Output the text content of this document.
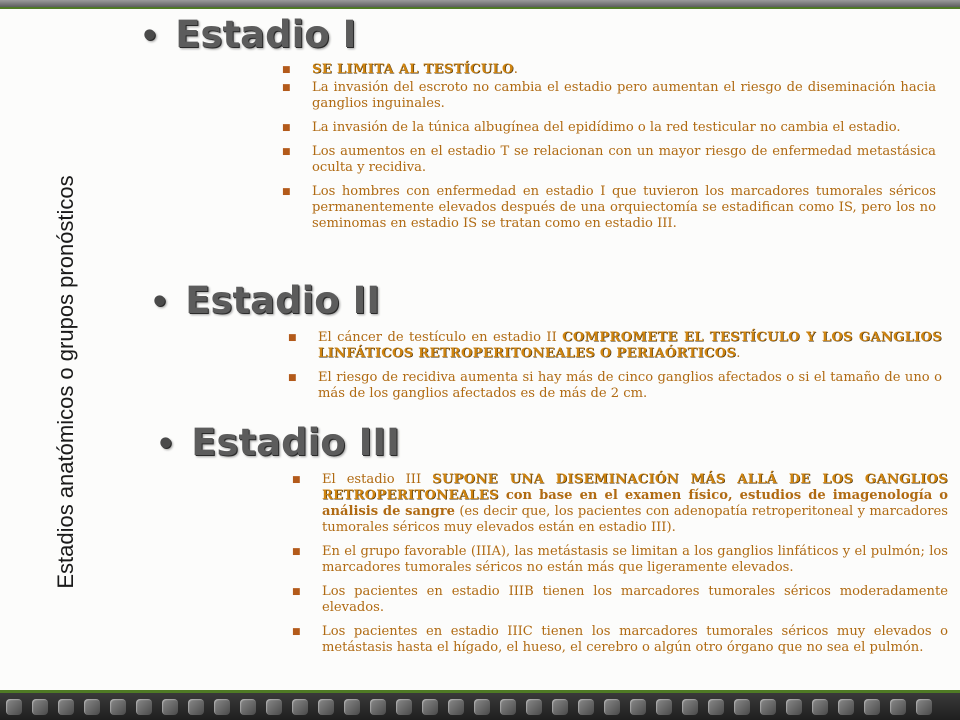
Estadios anatómicos o grupos pronósticos
• Estadio I
■ SE LIMITA AL TESTÍCULO.
■ La invasión del escroto no cambia el estadio pero aumentan el riesgo de diseminación hacia ganglios inguinales.
■ La invasión de la túnica albugínea del epidídimo o la red testicular no cambia el estadio.
■ Los aumentos en el estadio T se relacionan con un mayor riesgo de enfermedad metastásica oculta y recidiva.
■ Los hombres con enfermedad en estadio I que tuvieron los marcadores tumorales séricos permanentemente elevados después de una orquiectomía se estadifican como IS, pero los no seminomas en estadio IS se tratan como en estadio III.
• Estadio II
■ El cáncer de testículo en estadio II COMPROMETE EL TESTÍCULO Y LOS GANGLIOS LINFÁTICOS RETROPERITONEALES O PERIAÓRTICOS.
■ El riesgo de recidiva aumenta si hay más de cinco ganglios afectados o si el tamaño de uno o más de los ganglios afectados es de más de 2 cm.
• Estadio III
■ El estadio III SUPONE UNA DISEMINACIÓN MÁS ALLÁ DE LOS GANGLIOS RETROPERITONEALES con base en el examen físico, estudios de imagenología o análisis de sangre (es decir que, los pacientes con adenopatía retroperitoneal y marcadores tumorales séricos muy elevados están en estadio III).
■ En el grupo favorable (IIIA), las metástasis se limitan a los ganglios linfáticos y el pulmón; los marcadores tumorales séricos no están más que ligeramente elevados.
■ Los pacientes en estadio IIIB tienen los marcadores tumorales séricos moderadamente elevados.
■ Los pacientes en estadio IIIC tienen los marcadores tumorales séricos muy elevados o metástasis hasta el hígado, el hueso, el cerebro o algún otro órgano que no sea el pulmón.
